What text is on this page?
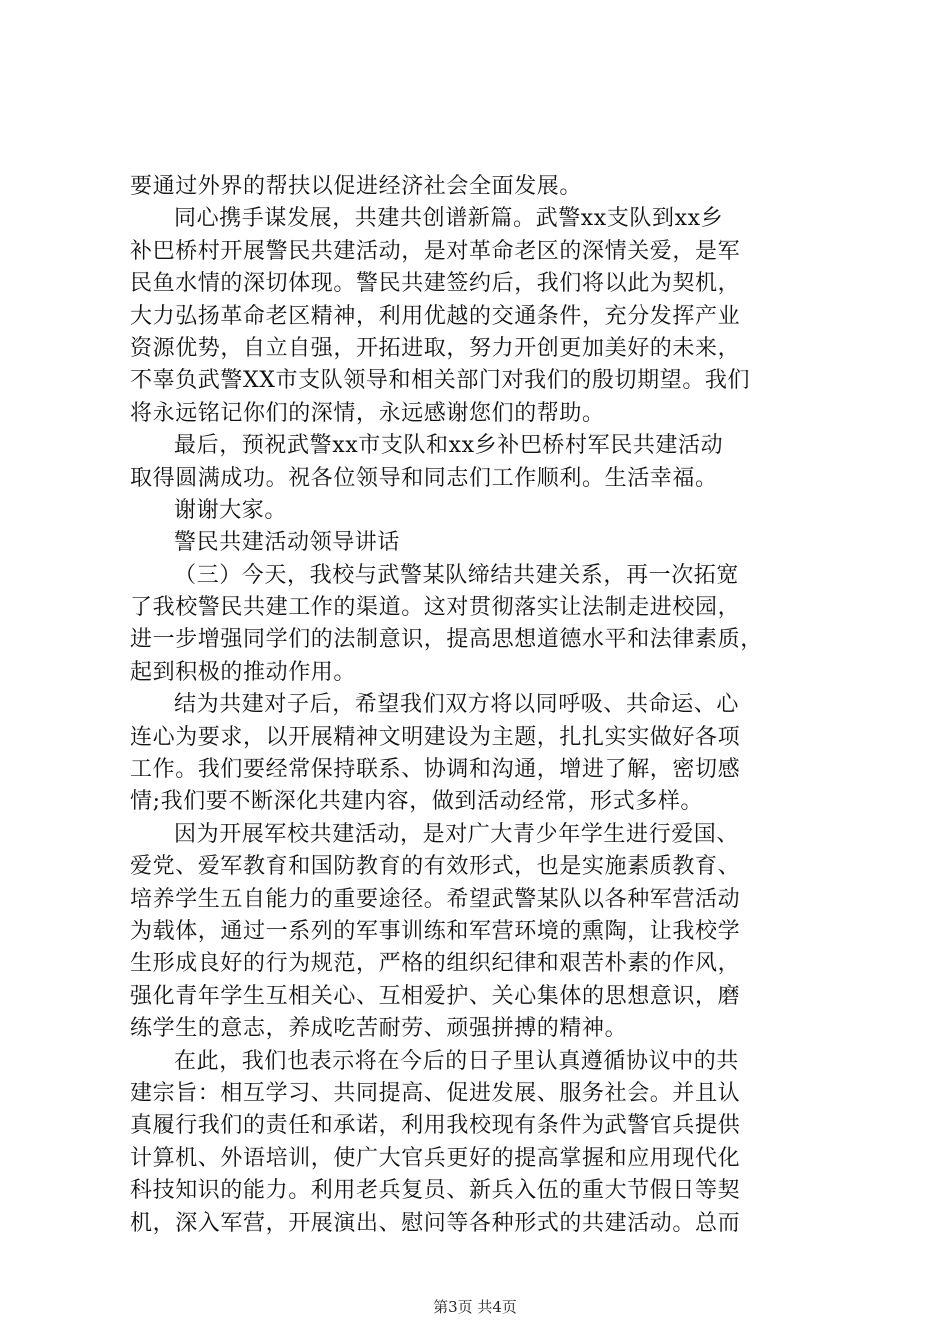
要通过外界的帮扶以促进经济社会全面发展。
同心携手谋发展，共建共创谱新篇。武警xx支队到xx乡
补巴桥村开展警民共建活动，是对革命老区的深情关爱，是军
民鱼水情的深切体现。警民共建签约后，我们将以此为契机，
大力弘扬革命老区精神，利用优越的交通条件，充分发挥产业
资源优势，自立自强，开拓进取，努力开创更加美好的未来，
不辜负武警XX市支队领导和相关部门对我们的殷切期望。我们
将永远铭记你们的深情，永远感谢您们的帮助。
最后，预祝武警xx市支队和xx乡补巴桥村军民共建活动
取得圆满成功。祝各位领导和同志们工作顺利。生活幸福。
谢谢大家。
警民共建活动领导讲话
（三）今天，我校与武警某队缔结共建关系，再一次拓宽
了我校警民共建工作的渠道。这对贯彻落实让法制走进校园，
进一步增强同学们的法制意识，提高思想道德水平和法律素质，
起到积极的推动作用。
结为共建对子后，希望我们双方将以同呼吸、共命运、心
连心为要求，以开展精神文明建设为主题，扎扎实实做好各项
工作。我们要经常保持联系、协调和沟通，增进了解，密切感
情;我们要不断深化共建内容，做到活动经常，形式多样。
因为开展军校共建活动，是对广大青少年学生进行爱国、
爱党、爱军教育和国防教育的有效形式，也是实施素质教育、
培养学生五自能力的重要途径。希望武警某队以各种军营活动
为载体，通过一系列的军事训练和军营环境的熏陶，让我校学
生形成良好的行为规范，严格的组织纪律和艰苦朴素的作风，
强化青年学生互相关心、互相爱护、关心集体的思想意识，磨
练学生的意志，养成吃苦耐劳、顽强拼搏的精神。
在此，我们也表示将在今后的日子里认真遵循协议中的共
建宗旨：相互学习、共同提高、促进发展、服务社会。并且认
真履行我们的责任和承诺，利用我校现有条件为武警官兵提供
计算机、外语培训，使广大官兵更好的提高掌握和应用现代化
科技知识的能力。利用老兵复员、新兵入伍的重大节假日等契
机，深入军营，开展演出、慰问等各种形式的共建活动。总而
第3页 共4页
